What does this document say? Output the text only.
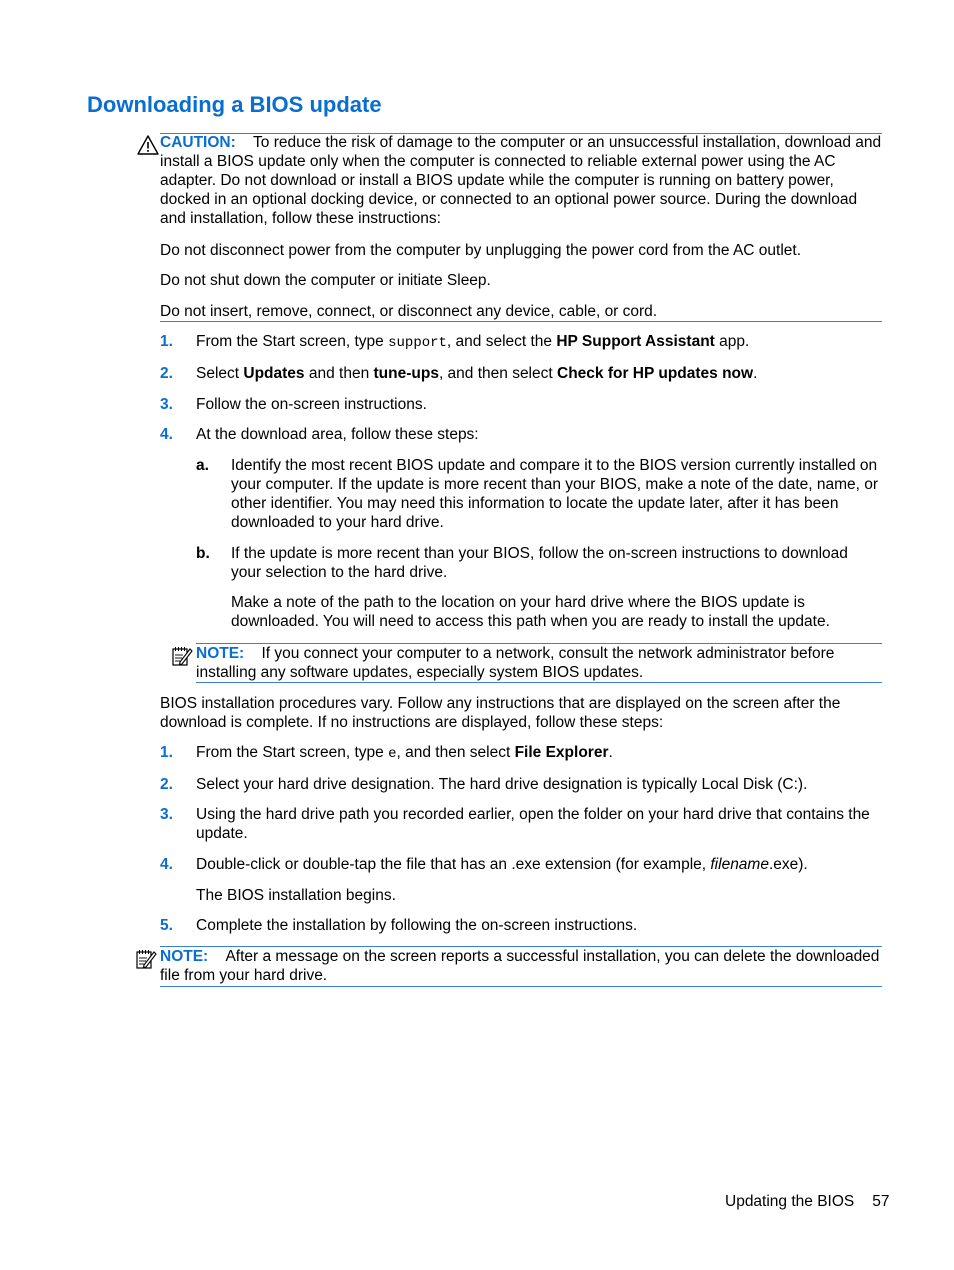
Downloading a BIOS update
CAUTION: To reduce the risk of damage to the computer or an unsuccessful installation, download and install a BIOS update only when the computer is connected to reliable external power using the AC adapter. Do not download or install a BIOS update while the computer is running on battery power, docked in an optional docking device, or connected to an optional power source. During the download and installation, follow these instructions:
Do not disconnect power from the computer by unplugging the power cord from the AC outlet.
Do not shut down the computer or initiate Sleep.
Do not insert, remove, connect, or disconnect any device, cable, or cord.
1. From the Start screen, type support, and select the HP Support Assistant app.
2. Select Updates and then tune-ups, and then select Check for HP updates now.
3. Follow the on-screen instructions.
4. At the download area, follow these steps:
a. Identify the most recent BIOS update and compare it to the BIOS version currently installed on your computer. If the update is more recent than your BIOS, make a note of the date, name, or other identifier. You may need this information to locate the update later, after it has been downloaded to your hard drive.
b. If the update is more recent than your BIOS, follow the on-screen instructions to download your selection to the hard drive.
Make a note of the path to the location on your hard drive where the BIOS update is downloaded. You will need to access this path when you are ready to install the update.
NOTE: If you connect your computer to a network, consult the network administrator before installing any software updates, especially system BIOS updates.
BIOS installation procedures vary. Follow any instructions that are displayed on the screen after the download is complete. If no instructions are displayed, follow these steps:
1. From the Start screen, type e, and then select File Explorer.
2. Select your hard drive designation. The hard drive designation is typically Local Disk (C:).
3. Using the hard drive path you recorded earlier, open the folder on your hard drive that contains the update.
4. Double-click or double-tap the file that has an .exe extension (for example, filename.exe).
The BIOS installation begins.
5. Complete the installation by following the on-screen instructions.
NOTE: After a message on the screen reports a successful installation, you can delete the downloaded file from your hard drive.
Updating the BIOS 57
